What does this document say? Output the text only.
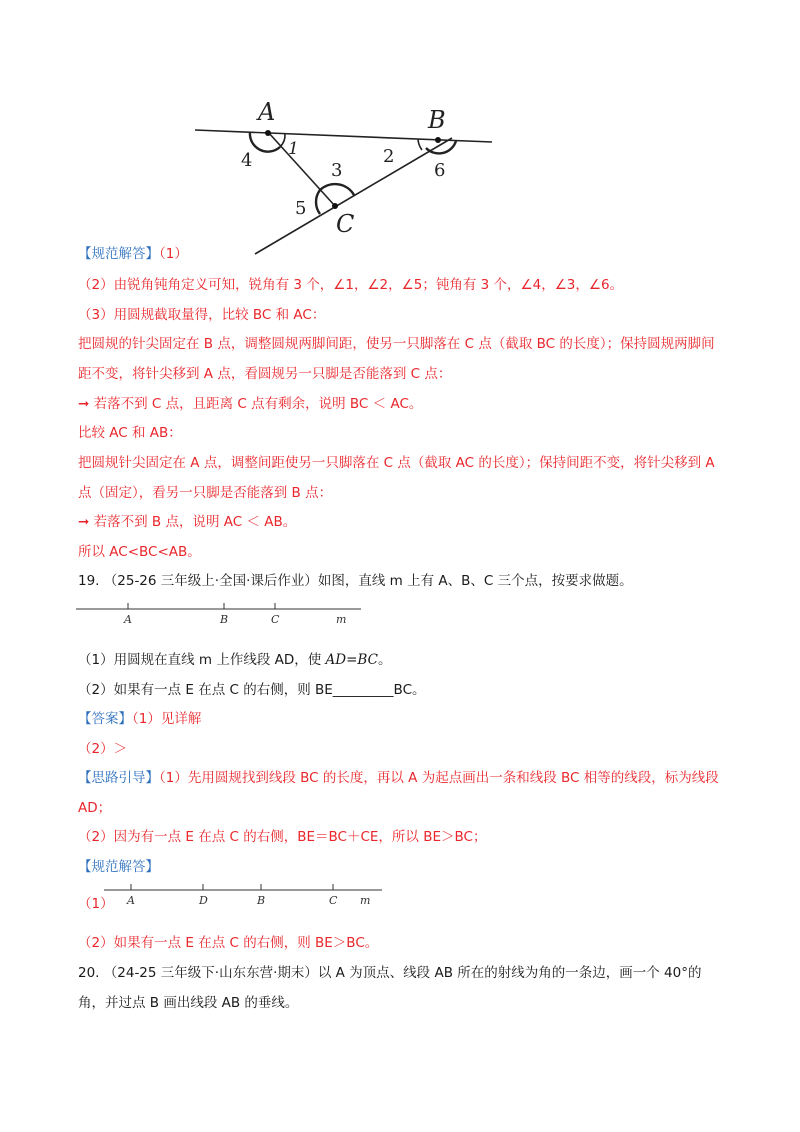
A	B
C
1	2
3
4
5
6
【规范解答】（1）
（2）由锐角钝角定义可知，锐角有 3 个，∠1，∠2，∠5；钝角有 3 个，∠4，∠3，∠6。
（3）用圆规截取量得，比较 BC 和 AC：
把圆规的针尖固定在 B 点，调整圆规两脚间距，使另一只脚落在 C 点（截取 BC 的长度）；保持圆规两脚间
距不变，将针尖移到 A 点，看圆规另一只脚是否能落到 C 点：
➞ 若落不到 C 点，且距离 C 点有剩余，说明 BC ＜ AC。
比较 AC 和 AB：
把圆规针尖固定在 A 点，调整间距使另一只脚落在 C 点（截取 AC 的长度）；保持间距不变，将针尖移到 A
点（固定），看另一只脚是否能落到 B 点：
➞ 若落不到 B 点，说明 AC ＜ AB。
所以 AC<BC<AB。
19. （25-26 三年级上·全国·课后作业）如图，直线 m 上有 A、B、C 三个点，按要求做题。
A	B	C	m
（1）用圆规在直线 m 上作线段 AD，使 AD=BC。
（2）如果有一点 E 在点 C 的右侧，则 BE_________BC。
【答案】（1）见详解
（2）＞
【思路引导】（1）先用圆规找到线段 BC 的长度，再以 A 为起点画出一条和线段 BC 相等的线段，标为线段
AD；
（2）因为有一点 E 在点 C 的右侧，BE＝BC＋CE，所以 BE＞BC；
【规范解答】
（1） A	D	B	C m
（2）如果有一点 E 在点 C 的右侧，则 BE＞BC。
20. （24-25 三年级下·山东东营·期末）以 A 为顶点、线段 AB 所在的射线为角的一条边，画一个 40°的
角，并过点 B 画出线段 AB 的垂线。
